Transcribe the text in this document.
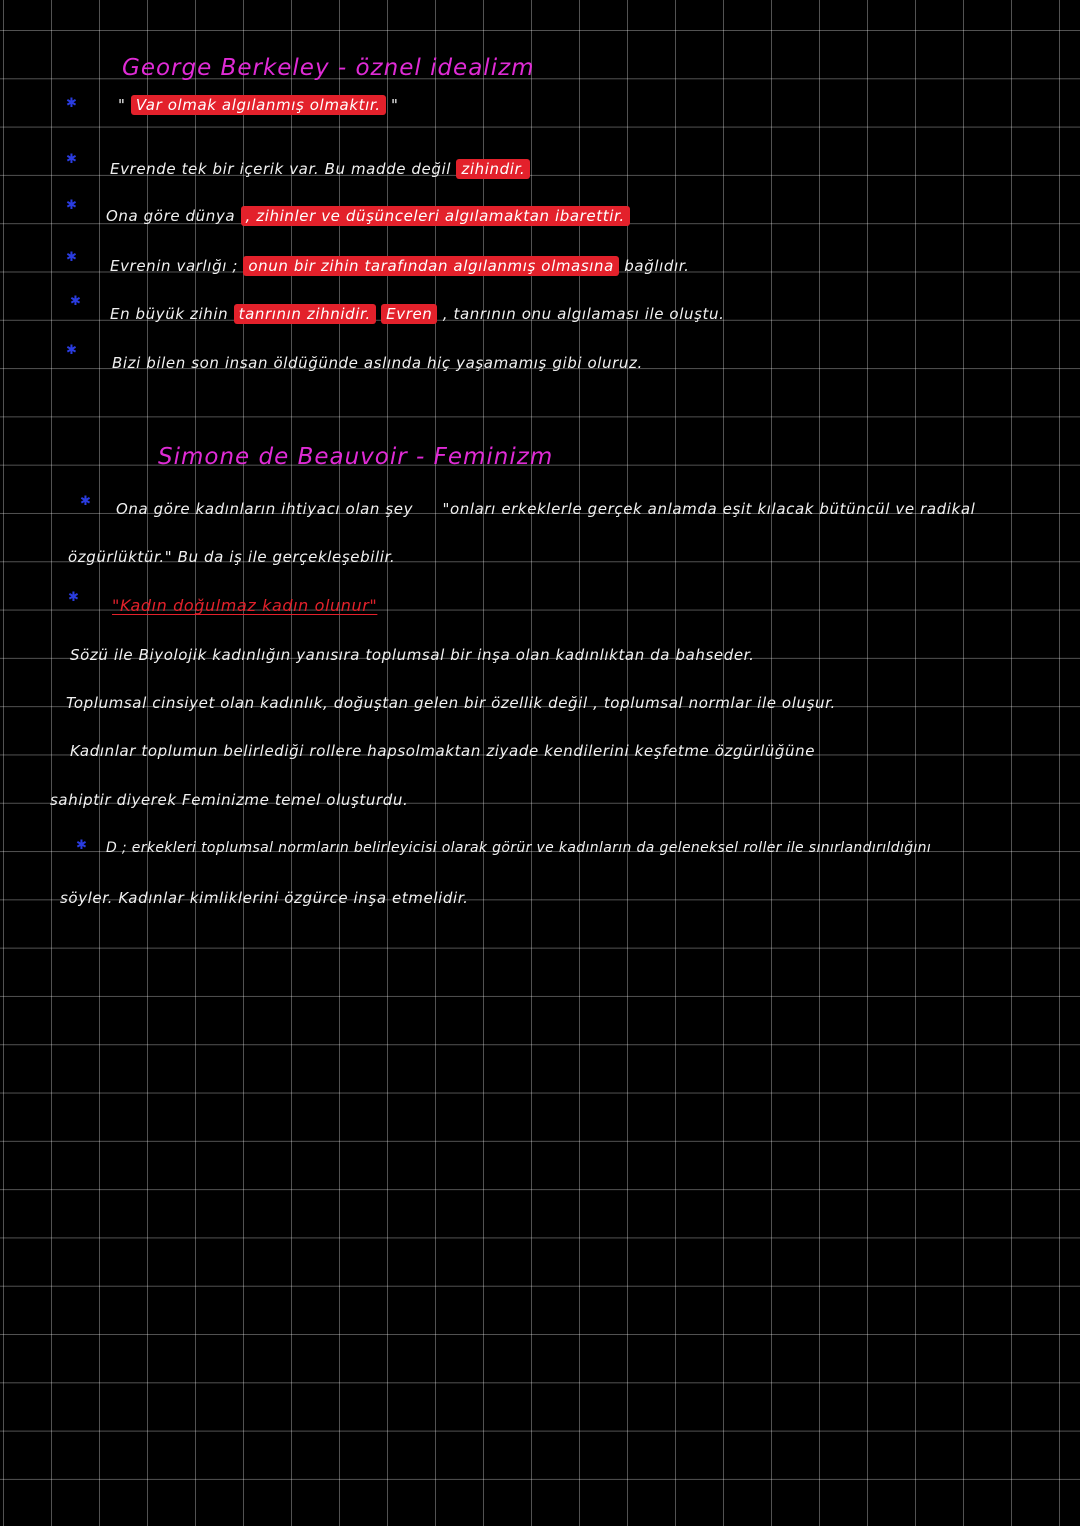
George Berkeley - öznel idealizm
✱	" Var olmak algılanmış olmaktır. "
✱
Evrende tek bir içerik var. Bu madde değil zihindir.
✱
Ona göre dünya , zihinler ve düşünceleri algılamaktan ibarettir.
✱ Evrenin varlığı ; onun bir zihin tarafından algılanmış olmasına bağlıdır.
✱
En büyük zihin tanrının zihnidir. Evren , tanrının onu algılaması ile oluştu.
✱
Bizi bilen son insan öldüğünde aslında hiç yaşamamış gibi oluruz.
Simone de Beauvoir - Feminizm
✱ Ona göre kadınların ihtiyacı olan şey "onları erkeklerle gerçek anlamda eşit kılacak bütüncül ve radikal
özgürlüktür." Bu da iş ile gerçekleşebilir.
✱ "Kadın doğulmaz kadın olunur"
Sözü ile Biyolojik kadınlığın yanısıra toplumsal bir inşa olan kadınlıktan da bahseder.
Toplumsal cinsiyet olan kadınlık, doğuştan gelen bir özellik değil , toplumsal normlar ile oluşur.
Kadınlar toplumun belirlediği rollere hapsolmaktan ziyade kendilerini keşfetme özgürlüğüne
sahiptir diyerek Feminizme temel oluşturdu.
✱ D ; erkekleri toplumsal normların belirleyicisi olarak görür ve kadınların da geleneksel roller ile sınırlandırıldığını
söyler. Kadınlar kimliklerini özgürce inşa etmelidir.
